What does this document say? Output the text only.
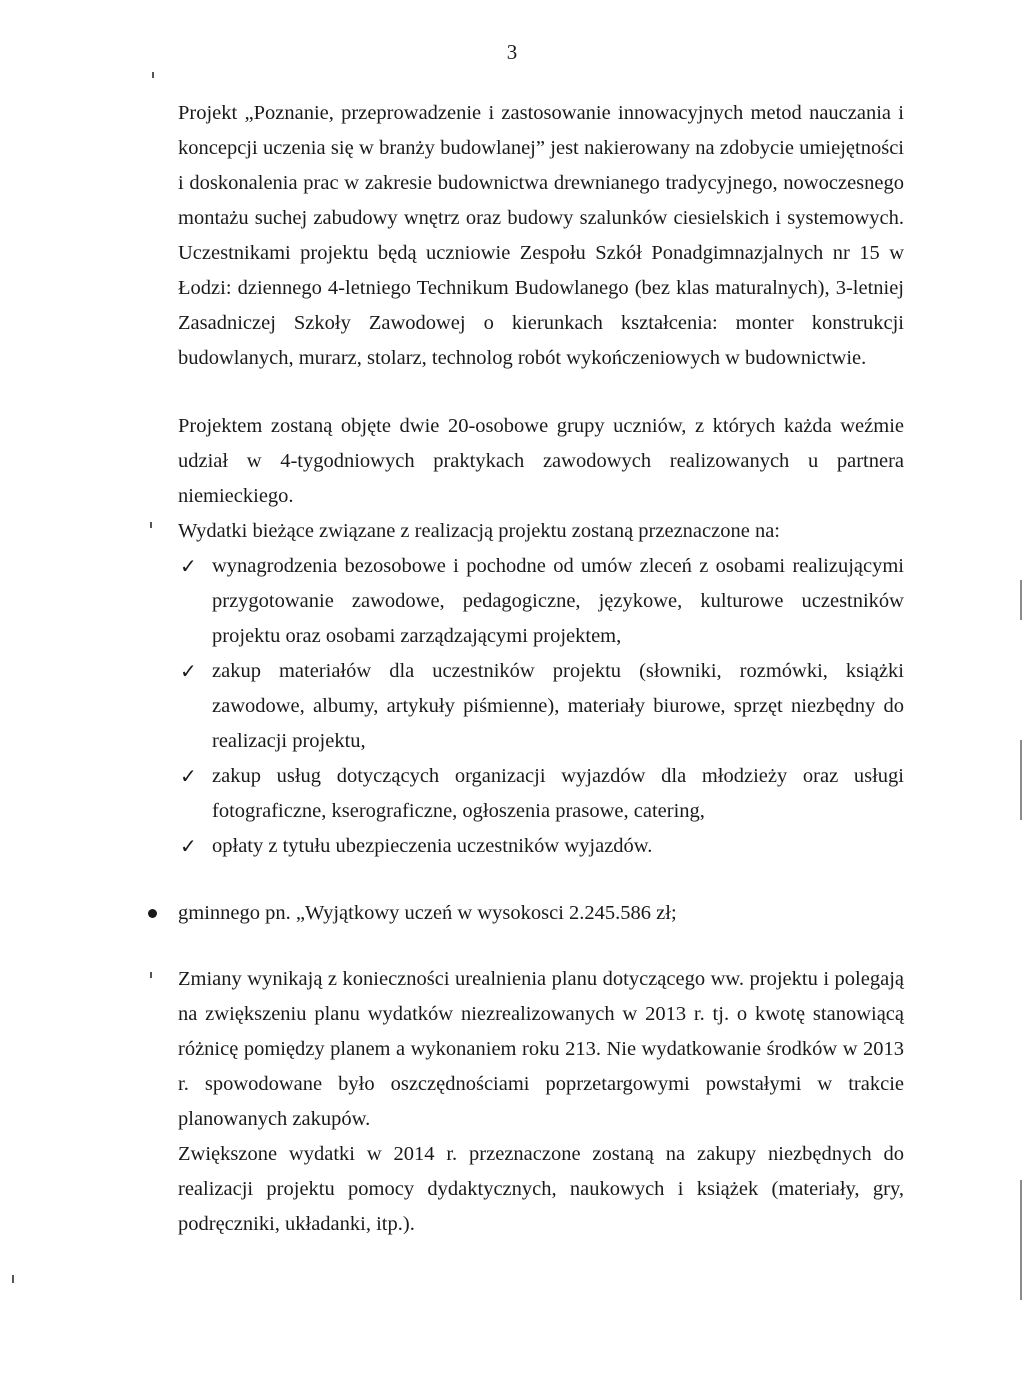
3

Projekt „Poznanie, przeprowadzenie i zastosowanie innowacyjnych metod nauczania i koncepcji uczenia się w branży budowlanej” jest nakierowany na zdobycie umiejętności i doskonalenia prac w zakresie budownictwa drewnianego tradycyjnego, nowoczesnego montażu suchej zabudowy wnętrz oraz budowy szalunków ciesielskich i systemowych. Uczestnikami projektu będą uczniowie Zespołu Szkół Ponadgimnazjalnych nr 15 w Łodzi: dziennego 4-letniego Technikum Budowlanego (bez klas maturalnych), 3-letniej Zasadniczej Szkoły Zawodowej o kierunkach kształcenia: monter konstrukcji budowlanych, murarz, stolarz, technolog robót wykończeniowych w budownictwie.

Projektem zostaną objęte dwie 20-osobowe grupy uczniów, z których każda weźmie udział w 4-tygodniowych praktykach zawodowych realizowanych u partnera niemieckiego.

Wydatki bieżące związane z realizacją projektu zostaną przeznaczone na:

✓ wynagrodzenia bezosobowe i pochodne od umów zleceń z osobami realizującymi przygotowanie zawodowe, pedagogiczne, językowe, kulturowe uczestników projektu oraz osobami zarządzającymi projektem,
✓ zakup materiałów dla uczestników projektu (słowniki, rozmówki, książki zawodowe, albumy, artykuły piśmienne), materiały biurowe, sprzęt niezbędny do realizacji projektu,
✓ zakup usług dotyczących organizacji wyjazdów dla młodzieży oraz usługi fotograficzne, kserograficzne, ogłoszenia prasowe, catering,
✓ opłaty z tytułu ubezpieczenia uczestników wyjazdów.
gminnego pn. „Wyjątkowy uczeń w wysokosci 2.245.586 zł;

Zmiany wynikają z konieczności urealnienia planu dotyczącego ww. projektu i polegają na zwiększeniu planu wydatków niezrealizowanych w 2013 r. tj. o kwotę stanowiącą różnicę pomiędzy planem a wykonaniem roku 213. Nie wydatkowanie środków w 2013 r. spowodowane było oszczędnościami poprzetargowymi powstałymi w trakcie planowanych zakupów.

Zwiększone wydatki w 2014 r. przeznaczone zostaną na zakupy niezbędnych do realizacji projektu pomocy dydaktycznych, naukowych i książek (materiały, gry, podręczniki, układanki, itp.).
